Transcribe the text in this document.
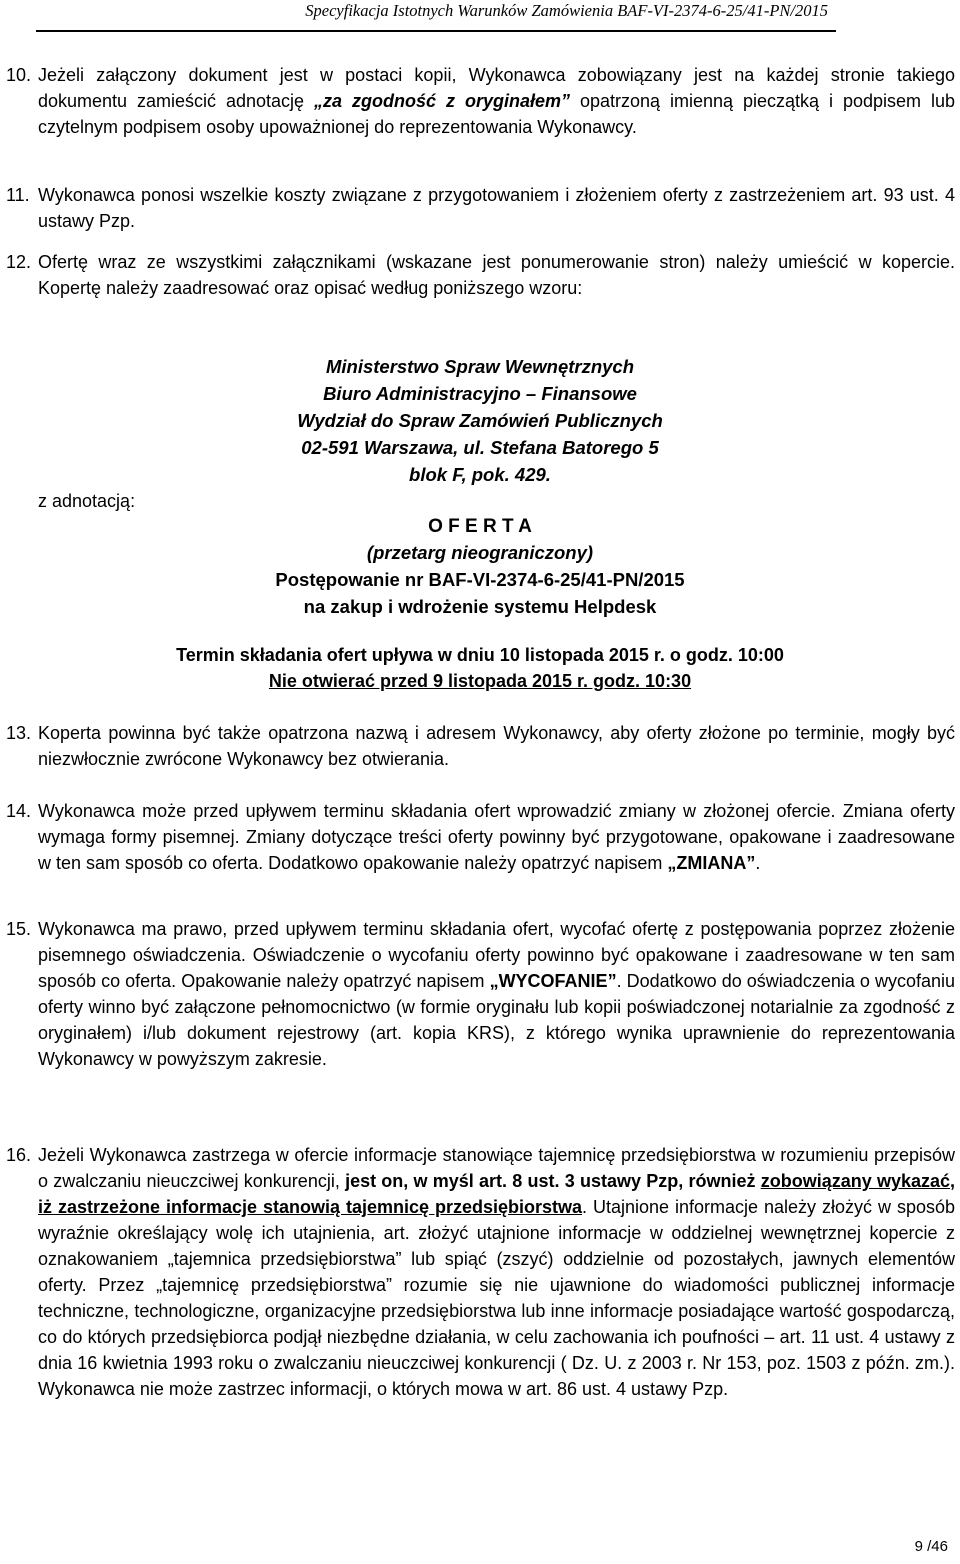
Specyfikacja Istotnych Warunków Zamówienia BAF-VI-2374-6-25/41-PN/2015
10. Jeżeli załączony dokument jest w postaci kopii, Wykonawca zobowiązany jest na każdej stronie takiego dokumentu zamieścić adnotację „za zgodność z oryginałem” opatrzoną imienną pieczątką i podpisem lub czytelnym podpisem osoby upoważnionej do reprezentowania Wykonawcy.
11. Wykonawca ponosi wszelkie koszty związane z przygotowaniem i złożeniem oferty z zastrzeżeniem art. 93 ust. 4 ustawy Pzp.
12. Ofertę wraz ze wszystkimi załącznikami (wskazane jest ponumerowanie stron) należy umieścić w kopercie. Kopertę należy zaadresować oraz opisać według poniższego wzoru:
Ministerstwo Spraw Wewnętrznych
Biuro Administracyjno – Finansowe
Wydział do Spraw Zamówień Publicznych
02-591 Warszawa, ul. Stefana Batorego 5
blok F, pok. 429.
z adnotacją:
O F E R T A
(przetarg nieograniczony)
Postępowanie nr BAF-VI-2374-6-25/41-PN/2015
na zakup i wdrożenie systemu Helpdesk
Termin składania ofert upływa w dniu 10 listopada 2015 r. o godz. 10:00
Nie otwierać przed 9 listopada 2015 r. godz. 10:30
13. Koperta powinna być także opatrzona nazwą i adresem Wykonawcy, aby oferty złożone po terminie, mogły być niezwłocznie zwrócone Wykonawcy bez otwierania.
14. Wykonawca może przed upływem terminu składania ofert wprowadzić zmiany w złożonej ofercie. Zmiana oferty wymaga formy pisemnej. Zmiany dotyczące treści oferty powinny być przygotowane, opakowane i zaadresowane w ten sam sposób co oferta. Dodatkowo opakowanie należy opatrzyć napisem „ZMIANA”.
15. Wykonawca ma prawo, przed upływem terminu składania ofert, wycofać ofertę z postępowania poprzez złożenie pisemnego oświadczenia. Oświadczenie o wycofaniu oferty powinno być opakowane i zaadresowane w ten sam sposób co oferta. Opakowanie należy opatrzyć napisem „WYCOFANIE”. Dodatkowo do oświadczenia o wycofaniu oferty winno być załączone pełnomocnictwo (w formie oryginału lub kopii poświadczonej notarialnie za zgodność z oryginałem) i/lub dokument rejestrowy (art. kopia KRS), z którego wynika uprawnienie do reprezentowania Wykonawcy w powyższym zakresie.
16. Jeżeli Wykonawca zastrzega w ofercie informacje stanowiące tajemnicę przedsiębiorstwa w rozumieniu przepisów o zwalczaniu nieuczciwej konkurencji, jest on, w myśl art. 8 ust. 3 ustawy Pzp, również zobowiązany wykazać, iż zastrzeżone informacje stanowią tajemnicę przedsiębiorstwa. Utajnione informacje należy złożyć w sposób wyraźnie określający wolę ich utajnienia, art. złożyć utajnione informacje w oddzielnej wewnętrznej kopercie z oznakowaniem „tajemnica przedsiębiorstwa” lub spiąć (zszyć) oddzielnie od pozostałych, jawnych elementów oferty. Przez „tajemnicę przedsiębiorstwa” rozumie się nie ujawnione do wiadomości publicznej informacje techniczne, technologiczne, organizacyjne przedsiębiorstwa lub inne informacje posiadające wartość gospodarczą, co do których przedsiębiorca podjął niezbędne działania, w celu zachowania ich poufności – art. 11 ust. 4 ustawy z dnia 16 kwietnia 1993 roku o zwalczaniu nieuczciwej konkurencji ( Dz. U. z 2003 r. Nr 153, poz. 1503 z późn. zm.). Wykonawca nie może zastrzec informacji, o których mowa w art. 86 ust. 4 ustawy Pzp.
9 /46
